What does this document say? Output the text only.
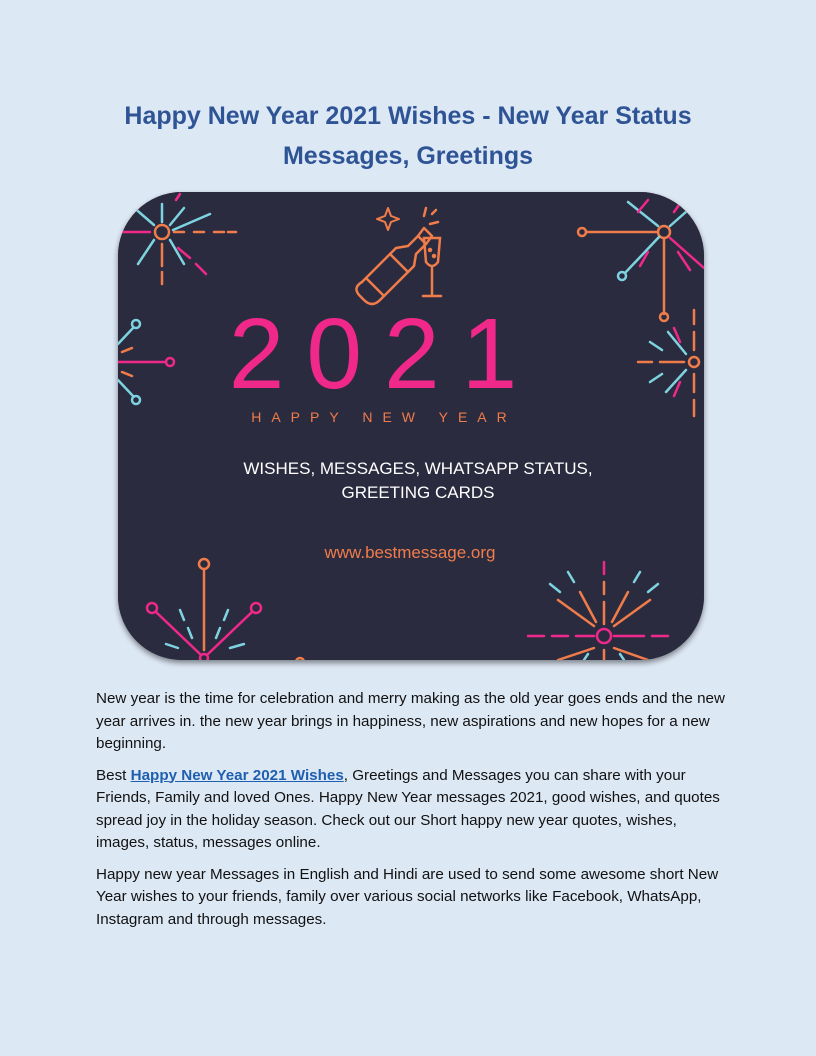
Happy New Year 2021 Wishes - New Year Status Messages, Greetings
2021
HAPPY NEW YEAR
WISHES, MESSAGES, WHATSAPP STATUS,
GREETING CARDS
www.bestmessage.org

New year is the time for celebration and merry making as the old year goes ends and the new year arrives in. the new year brings in happiness, new aspirations and new hopes for a new beginning.

Best Happy New Year 2021 Wishes, Greetings and Messages you can share with your Friends, Family and loved Ones. Happy New Year messages 2021, good wishes, and quotes spread joy in the holiday season. Check out our Short happy new year quotes, wishes, images, status, messages online.

Happy new year Messages in English and Hindi are used to send some awesome short New Year wishes to your friends, family over various social networks like Facebook, WhatsApp, Instagram and through messages.
